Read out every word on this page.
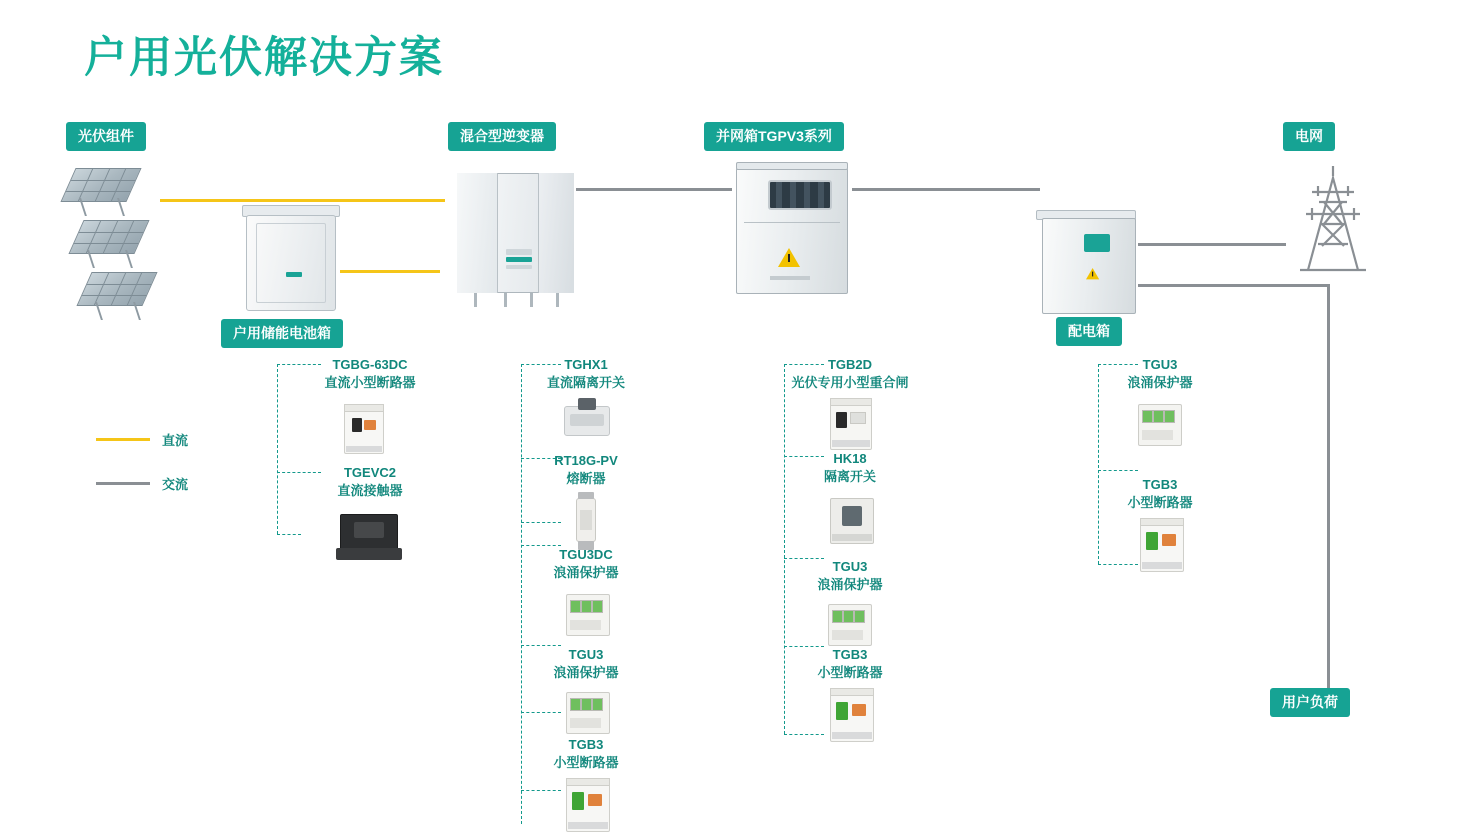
户用光伏解决方案
光伏组件	混合型逆变器	并网箱TGPV3系列	电网
户用储能电池箱	配电箱
用户负荷
直流
交流
TGBG-63DC
直流小型断路器
TGEVC2
直流接触器
TGHX1
直流隔离开关
RT18G-PV
熔断器
TGU3DC
浪涌保护器
TGU3
浪涌保护器
TGB3
小型断路器
TGB2D
光伏专用小型重合闸
HK18
隔离开关
TGU3
浪涌保护器
TGB3
小型断路器
TGU3
浪涌保护器
TGB3
小型断路器
